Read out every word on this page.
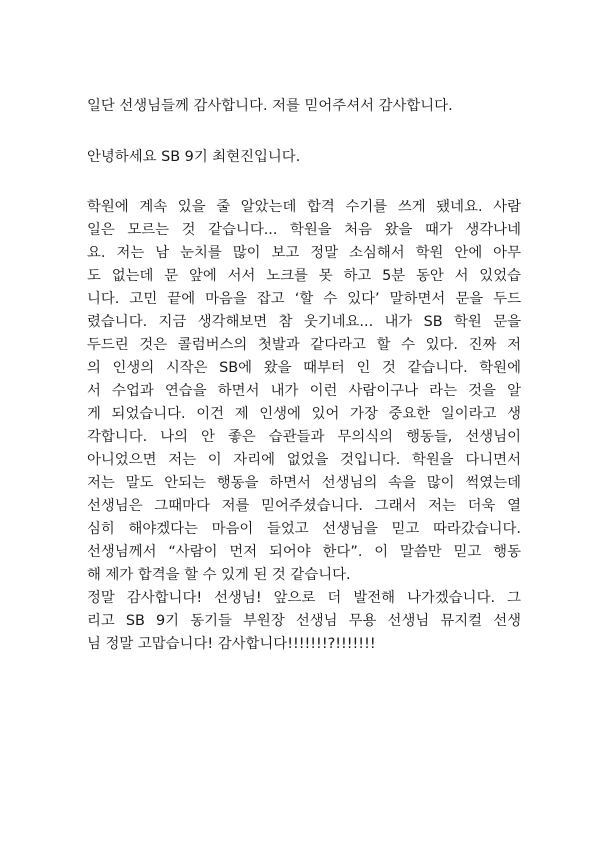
일단 선생님들께 감사합니다. 저를 믿어주셔서 감사합니다.

안녕하세요 SB 9기 최현진입니다.

학원에 계속 있을 줄 알았는데 합격 수기를 쓰게 됐네요. 사람
일은 모르는 것 같습니다... 학원을 처음 왔을 때가 생각나네
요. 저는 남 눈치를 많이 보고 정말 소심해서 학원 안에 아무
도 없는데 문 앞에 서서 노크를 못 하고 5분 동안 서 있었습
니다. 고민 끝에 마음을 잡고 ‘할 수 있다’ 말하면서 문을 두드
렸습니다. 지금 생각해보면 참 웃기네요... 내가 SB 학원 문을
두드린 것은 콜럼버스의 첫발과 같다라고 할 수 있다. 진짜 저
의 인생의 시작은 SB에 왔을 때부터 인 것 같습니다. 학원에
서 수업과 연습을 하면서 내가 이런 사람이구나 라는 것을 알
게 되었습니다. 이건 제 인생에 있어 가장 중요한 일이라고 생
각합니다. 나의 안 좋은 습관들과 무의식의 행동들, 선생님이
아니었으면 저는 이 자리에 없었을 것입니다. 학원을 다니면서
저는 말도 안되는 행동을 하면서 선생님의 속을 많이 썩였는데
선생님은 그때마다 저를 믿어주셨습니다. 그래서 저는 더욱 열
심히 해야겠다는 마음이 들었고 선생님을 믿고 따라갔습니다.
선생님께서 “사람이 먼저 되어야 한다”. 이 말씀만 믿고 행동
해 제가 합격을 할 수 있게 된 것 같습니다.
정말 감사합니다! 선생님! 앞으로 더 발전해 나가겠습니다. 그
리고 SB 9기 동기들 부원장 선생님 무용 선생님 뮤지컬 선생
님 정말 고맙습니다! 감사합니다!!!!!!!?!!!!!!!
